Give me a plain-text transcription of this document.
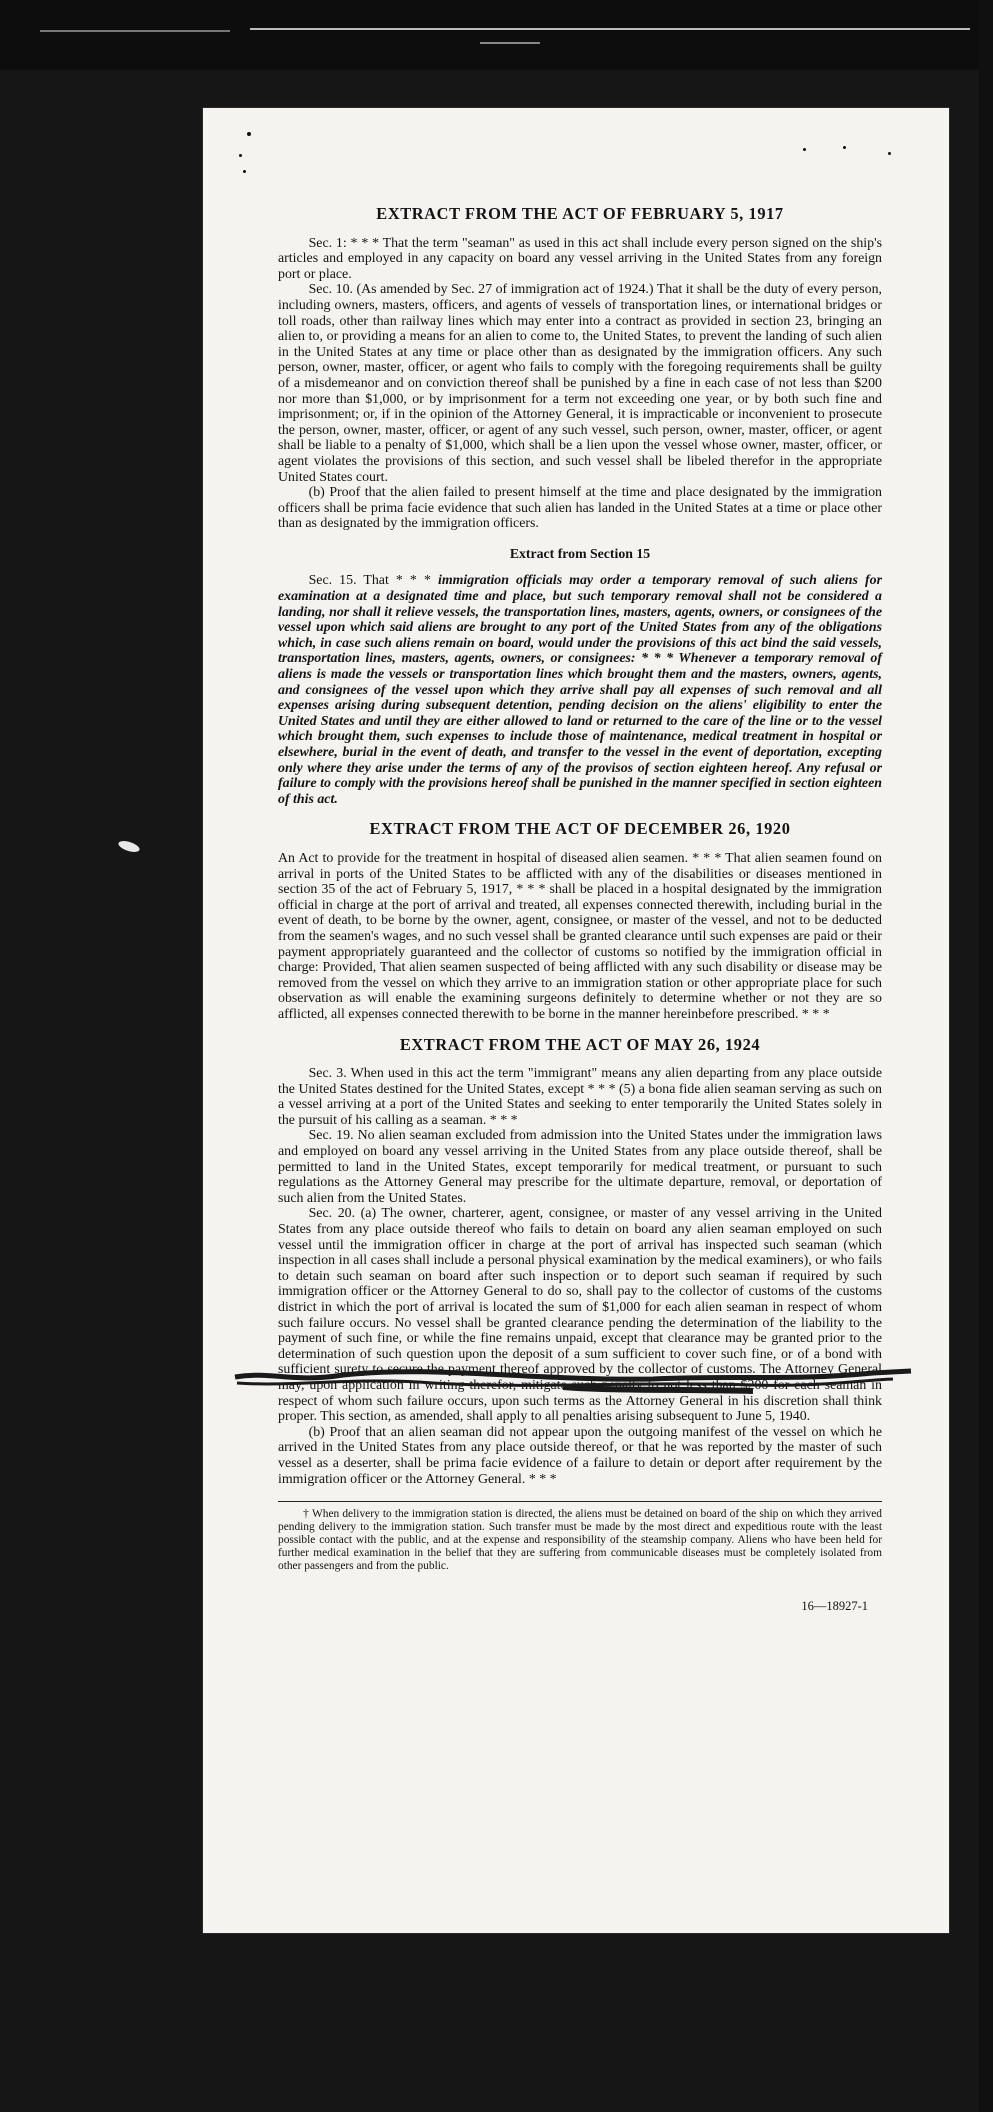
EXTRACT FROM THE ACT OF FEBRUARY 5, 1917

Sec. 1: * * * That the term "seaman" as used in this act shall include every person signed on the ship's articles and employed in any capacity on board any vessel arriving in the United States from any foreign port or place.

Sec. 10. (As amended by Sec. 27 of immigration act of 1924.) That it shall be the duty of every person, including owners, masters, officers, and agents of vessels of transportation lines, or international bridges or toll roads, other than railway lines which may enter into a contract as provided in section 23, bringing an alien to, or providing a means for an alien to come to, the United States, to prevent the landing of such alien in the United States at any time or place other than as designated by the immigration officers. Any such person, owner, master, officer, or agent who fails to comply with the foregoing requirements shall be guilty of a misdemeanor and on conviction thereof shall be punished by a fine in each case of not less than $200 nor more than $1,000, or by imprisonment for a term not exceeding one year, or by both such fine and imprisonment; or, if in the opinion of the Attorney General, it is impracticable or inconvenient to prosecute the person, owner, master, officer, or agent of any such vessel, such person, owner, master, officer, or agent shall be liable to a penalty of $1,000, which shall be a lien upon the vessel whose owner, master, officer, or agent violates the provisions of this section, and such vessel shall be libeled therefor in the appropriate United States court.

(b) Proof that the alien failed to present himself at the time and place designated by the immigration officers shall be prima facie evidence that such alien has landed in the United States at a time or place other than as designated by the immigration officers.

Extract from Section 15

Sec. 15. That * * * immigration officials may order a temporary removal of such aliens for examination at a designated time and place, but such temporary removal shall not be considered a landing, nor shall it relieve vessels, the transportation lines, masters, agents, owners, or consignees of the vessel upon which said aliens are brought to any port of the United States from any of the obligations which, in case such aliens remain on board, would under the provisions of this act bind the said vessels, transportation lines, masters, agents, owners, or consignees: * * * Whenever a temporary removal of aliens is made the vessels or transportation lines which brought them and the masters, owners, agents, and consignees of the vessel upon which they arrive shall pay all expenses of such removal and all expenses arising during subsequent detention, pending decision on the aliens' eligibility to enter the United States and until they are either allowed to land or returned to the care of the line or to the vessel which brought them, such expenses to include those of maintenance, medical treatment in hospital or elsewhere, burial in the event of death, and transfer to the vessel in the event of deportation, excepting only where they arise under the terms of any of the provisos of section eighteen hereof. Any refusal or failure to comply with the provisions hereof shall be punished in the manner specified in section eighteen of this act.

EXTRACT FROM THE ACT OF DECEMBER 26, 1920

An Act to provide for the treatment in hospital of diseased alien seamen. * * * That alien seamen found on arrival in ports of the United States to be afflicted with any of the disabilities or diseases mentioned in section 35 of the act of February 5, 1917, * * * shall be placed in a hospital designated by the immigration official in charge at the port of arrival and treated, all expenses connected therewith, including burial in the event of death, to be borne by the owner, agent, consignee, or master of the vessel, and not to be deducted from the seamen's wages, and no such vessel shall be granted clearance until such expenses are paid or their payment appropriately guaranteed and the collector of customs so notified by the immigration official in charge: Provided, That alien seamen suspected of being afflicted with any such disability or disease may be removed from the vessel on which they arrive to an immigration station or other appropriate place for such observation as will enable the examining surgeons definitely to determine whether or not they are so afflicted, all expenses connected therewith to be borne in the manner hereinbefore prescribed. * * *

EXTRACT FROM THE ACT OF MAY 26, 1924

Sec. 3. When used in this act the term "immigrant" means any alien departing from any place outside the United States destined for the United States, except * * * (5) a bona fide alien seaman serving as such on a vessel arriving at a port of the United States and seeking to enter temporarily the United States solely in the pursuit of his calling as a seaman. * * *

Sec. 19. No alien seaman excluded from admission into the United States under the immigration laws and employed on board any vessel arriving in the United States from any place outside thereof, shall be permitted to land in the United States, except temporarily for medical treatment, or pursuant to such regulations as the Attorney General may prescribe for the ultimate departure, removal, or deportation of such alien from the United States.

Sec. 20. (a) The owner, charterer, agent, consignee, or master of any vessel arriving in the United States from any place outside thereof who fails to detain on board any alien seaman employed on such vessel until the immigration officer in charge at the port of arrival has inspected such seaman (which inspection in all cases shall include a personal physical examination by the medical examiners), or who fails to detain such seaman on board after such inspection or to deport such seaman if required by such immigration officer or the Attorney General to do so, shall pay to the collector of customs of the customs district in which the port of arrival is located the sum of $1,000 for each alien seaman in respect of whom such failure occurs. No vessel shall be granted clearance pending the determination of the liability to the payment of such fine, or while the fine remains unpaid, except that clearance may be granted prior to the determination of such question upon the deposit of a sum sufficient to cover such fine, or of a bond with sufficient surety to secure the payment thereof approved by the collector of customs. The Attorney General may, upon application in writing therefor, mitigate such penalty to not less than $200 for each seaman in respect of whom such failure occurs, upon such terms as the Attorney General in his discretion shall think proper. This section, as amended, shall apply to all penalties arising subsequent to June 5, 1940.

(b) Proof that an alien seaman did not appear upon the outgoing manifest of the vessel on which he arrived in the United States from any place outside thereof, or that he was reported by the master of such vessel as a deserter, shall be prima facie evidence of a failure to detain or deport after requirement by the immigration officer or the Attorney General. * * *

† When delivery to the immigration station is directed, the aliens must be detained on board of the ship on which they arrived pending delivery to the immigration station. Such transfer must be made by the most direct and expeditious route with the least possible contact with the public, and at the expense and responsibility of the steamship company. Aliens who have been held for further medical examination in the belief that they are suffering from communicable diseases must be completely isolated from other passengers and from the public.

16—18927-1
